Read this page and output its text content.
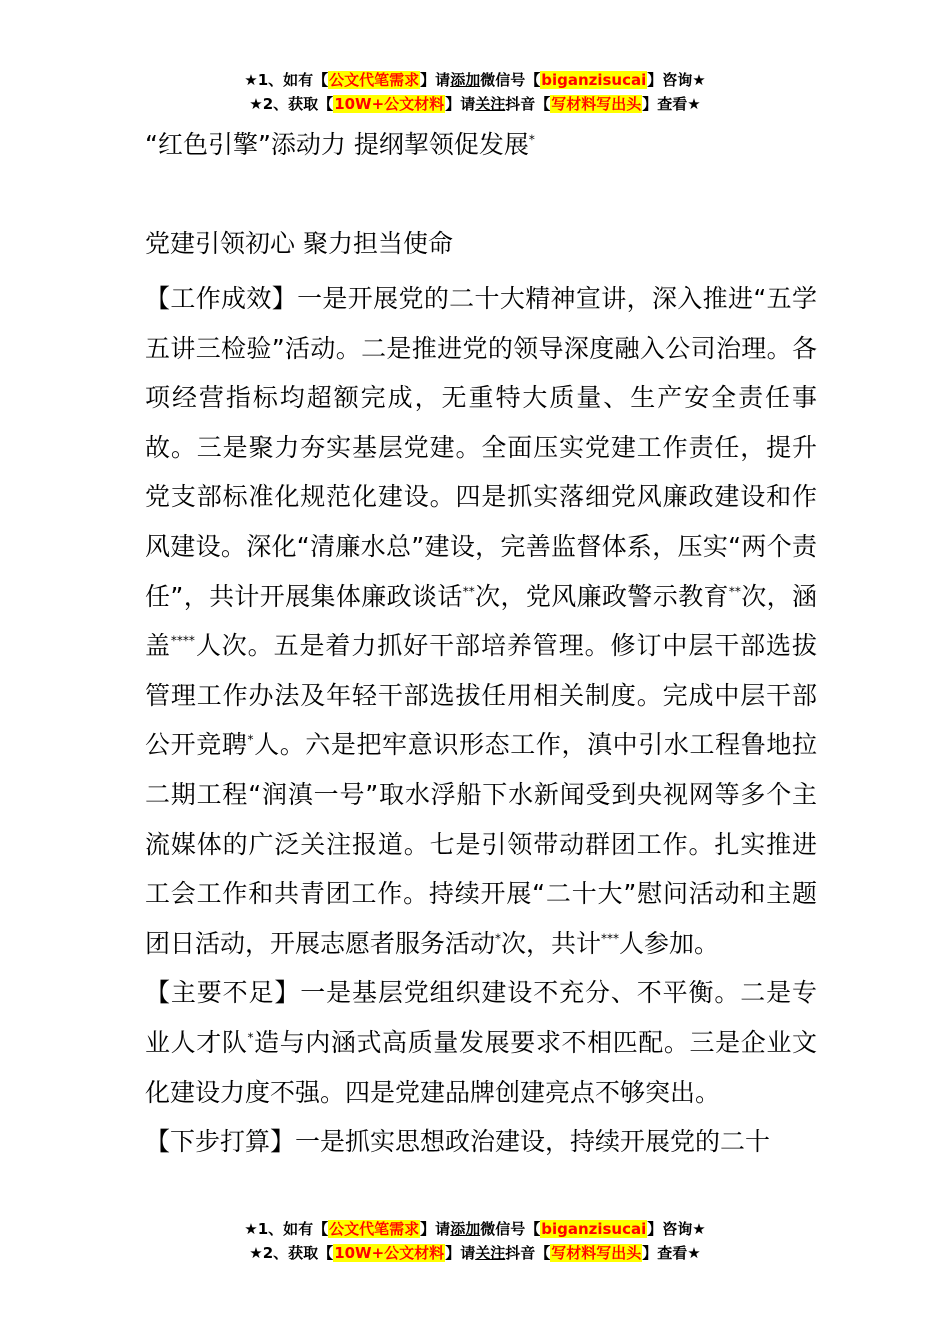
★1、如有【公文代笔需求】请添加微信号【biganzisucai】咨询★
★2、获取【10W+公文材料】请关注抖音【写材料写出头】查看★
“红色引擎”添动力 提纲挈领促发展*
党建引领初心 聚力担当使命

【工作成效】一是开展党的二十大精神宣讲，深入推进“五学五讲三检验”活动。二是推进党的领导深度融入公司治理。各项经营指标均超额完成，无重特大质量、生产安全责任事故。三是聚力夯实基层党建。全面压实党建工作责任，提升党支部标准化规范化建设。四是抓实落细党风廉政建设和作风建设。深化“清廉水总”建设，完善监督体系，压实“两个责任”，共计开展集体廉政谈话**次，党风廉政警示教育**次，涵盖****人次。五是着力抓好干部培养管理。修订中层干部选拔管理工作办法及年轻干部选拔任用相关制度。完成中层干部公开竞聘*人。六是把牢意识形态工作，滇中引水工程鲁地拉二期工程“润滇一号”取水浮船下水新闻受到央视网等多个主流媒体的广泛关注报道。七是引领带动群团工作。扎实推进工会工作和共青团工作。持续开展“二十大”慰问活动和主题团日活动，开展志愿者服务活动*次，共计***人参加。

【主要不足】一是基层党组织建设不充分、不平衡。二是专业人才队*造与内涵式高质量发展要求不相匹配。三是企业文化建设力度不强。四是党建品牌创建亮点不够突出。

【下步打算】一是抓实思想政治建设，持续开展党的二十

★1、如有【公文代笔需求】请添加微信号【biganzisucai】咨询★
★2、获取【10W+公文材料】请关注抖音【写材料写出头】查看★
